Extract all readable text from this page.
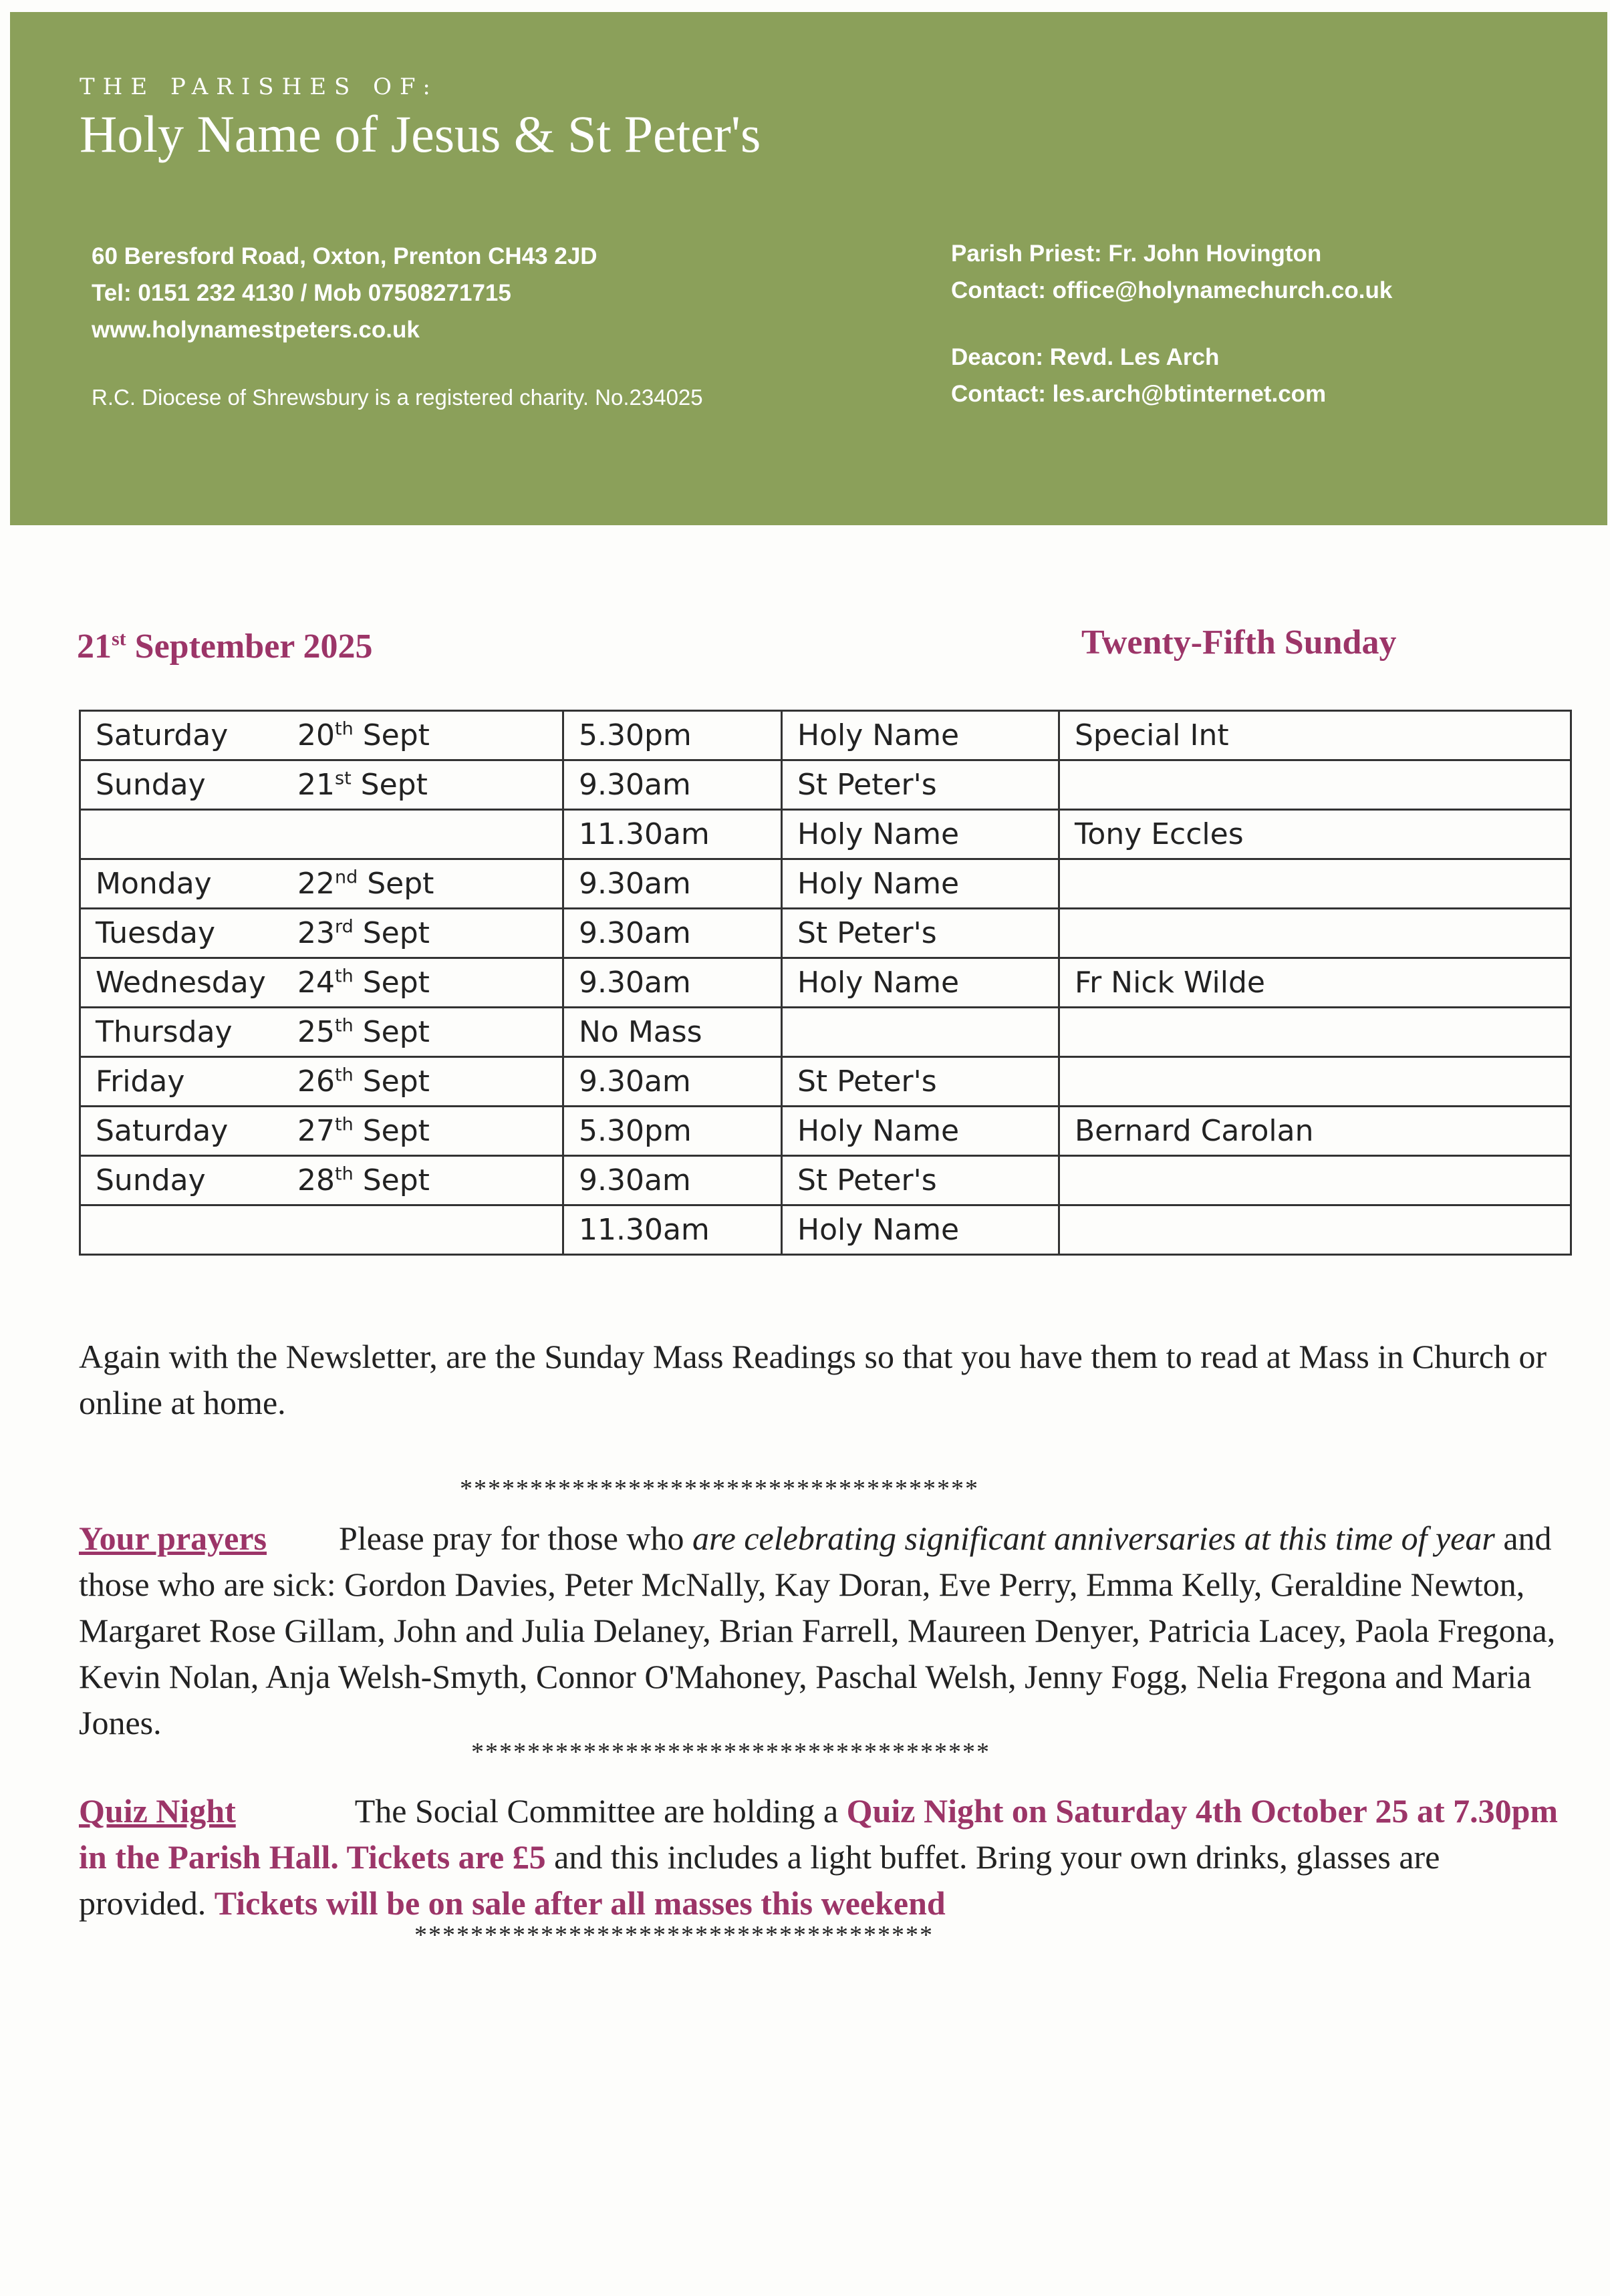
THE PARISHES OF:
Holy Name of Jesus & St Peter's
60 Beresford Road, Oxton, Prenton CH43 2JD
Tel: 0151 232 4130 / Mob 07508271715
www.holynamestpeters.co.uk
R.C. Diocese of Shrewsbury is a registered charity. No.234025
Parish Priest: Fr. John Hovington
Contact: office@holynamechurch.co.uk
Deacon: Revd. Les Arch
Contact: les.arch@btinternet.com
21st September 2025	Twenty-Fifth Sunday
Saturday 20th Sept	5.30pm	Holy Name	Special Int
Sunday 21st Sept	9.30am	St Peter's	
	11.30am	Holy Name	Tony Eccles
Monday 22nd Sept	9.30am	Holy Name	
Tuesday 23rd Sept	9.30am	St Peter's	
Wednesday 24th Sept	9.30am	Holy Name	Fr Nick Wilde
Thursday 25th Sept	No Mass		
Friday 26th Sept	9.30am	St Peter's	
Saturday 27th Sept	5.30pm	Holy Name	Bernard Carolan
Sunday 28th Sept	9.30am	St Peter's	
	11.30am	Holy Name	
Again with the Newsletter, are the Sunday Mass Readings so that you have them to read at Mass in Church or online at home.
*************************************
Your prayers Please pray for those who are celebrating significant anniversaries at this time of year and those who are sick: Gordon Davies, Peter McNally, Kay Doran, Eve Perry, Emma Kelly, Geraldine Newton, Margaret Rose Gillam, John and Julia Delaney, Brian Farrell, Maureen Denyer, Patricia Lacey, Paola Fregona, Kevin Nolan, Anja Welsh-Smyth, Connor O'Mahoney, Paschal Welsh, Jenny Fogg, Nelia Fregona and Maria Jones.
*************************************
Quiz Night	The Social Committee are holding a Quiz Night on Saturday 4th October 25 at 7.30pm in the Parish Hall. Tickets are £5 and this includes a light buffet. Bring your own drinks, glasses are provided. Tickets will be on sale after all masses this weekend
*************************************
